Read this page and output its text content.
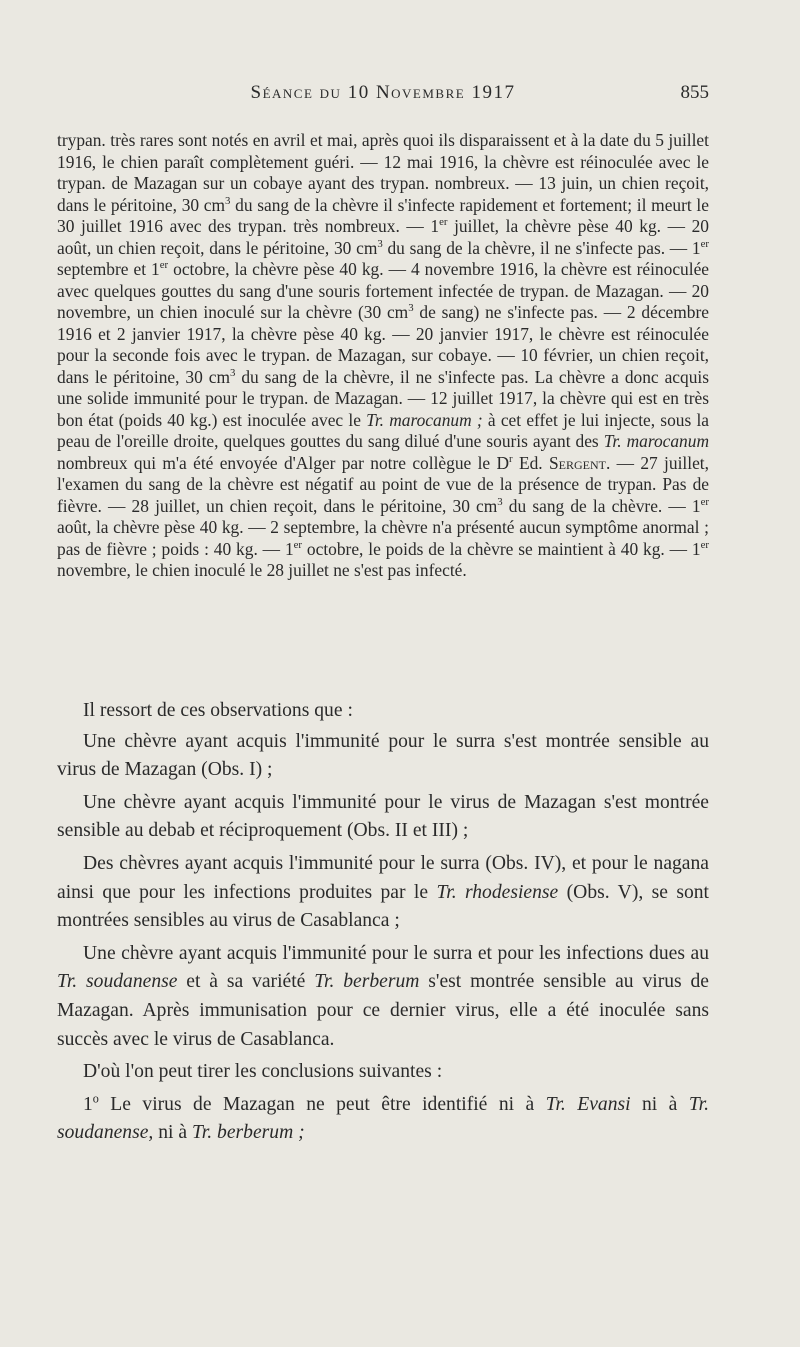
Séance du 10 Novembre 1917	855

trypan. très rares sont notés en avril et mai, après quoi ils disparaissent et à la date du 5 juillet 1916, le chien paraît complètement guéri. — 12 mai 1916, la chèvre est réinoculée avec le trypan. de Mazagan sur un cobaye ayant des trypan. nombreux. — 13 juin, un chien reçoit, dans le péritoine, 30 $cm^3$ du sang de la chèvre il s'infecte rapidement et fortement; il meurt le 30 juillet 1916 avec des trypan. très nombreux. — 1er juillet, la chèvre pèse 40 kg. — 20 août, un chien reçoit, dans le péritoine, 30 $cm^3$ du sang de la chèvre, il ne s'infecte pas. — 1er septembre et 1er octobre, la chèvre pèse 40 kg. — 4 novembre 1916, la chèvre est réinoculée avec quelques gouttes du sang d'une souris fortement infectée de trypan. de Mazagan. — 20 novembre, un chien inoculé sur la chèvre (30 $cm^3$ de sang) ne s'infecte pas. — 2 décembre 1916 et 2 janvier 1917, la chèvre pèse 40 kg. — 20 janvier 1917, le chèvre est réinoculée pour la seconde fois avec le trypan. de Mazagan, sur cobaye. — 10 février, un chien reçoit, dans le péritoine, 30 $cm^3$ du sang de la chèvre, il ne s'infecte pas. La chèvre a donc acquis une solide immunité pour le trypan. de Mazagan. — 12 juillet 1917, la chèvre qui est en très bon état (poids 40 kg.) est inoculée avec le Tr. marocanum ; à cet effet je lui injecte, sous la peau de l'oreille droite, quelques gouttes du sang dilué d'une souris ayant des Tr. marocanum nombreux qui m'a été envoyée d'Alger par notre collègue le $D^r$ Ed. Sergent. — 27 juillet, l'examen du sang de la chèvre est négatif au point de vue de la présence de trypan. Pas de fièvre. — 28 juillet, un chien reçoit, dans le péritoine, 30 $cm^3$ du sang de la chèvre. — 1er août, la chèvre pèse 40 kg. — 2 septembre, la chèvre n'a présenté aucun symptôme anormal ; pas de fièvre ; poids : 40 kg. — 1er octobre, le poids de la chèvre se maintient à 40 kg. — 1er novembre, le chien inoculé le 28 juillet ne s'est pas infecté.

Il ressort de ces observations que :

Une chèvre ayant acquis l'immunité pour le surra s'est montrée sensible au virus de Mazagan (Obs. I) ;

Une chèvre ayant acquis l'immunité pour le virus de Mazagan s'est montrée sensible au debab et réciproquement (Obs. II et III) ;

Des chèvres ayant acquis l'immunité pour le surra (Obs. IV), et pour le nagana ainsi que pour les infections produites par le Tr. rhodesiense (Obs. V), se sont montrées sensibles au virus de Casablanca ;

Une chèvre ayant acquis l'immunité pour le surra et pour les infections dues au Tr. soudanense et à sa variété Tr. berberum s'est montrée sensible au virus de Mazagan. Après immunisation pour ce dernier virus, elle a été inoculée sans succès avec le virus de Casablanca.

D'où l'on peut tirer les conclusions suivantes :

1$^o$ Le virus de Mazagan ne peut être identifié ni à Tr. Evansi ni à Tr. soudanense, ni à Tr. berberum ;
